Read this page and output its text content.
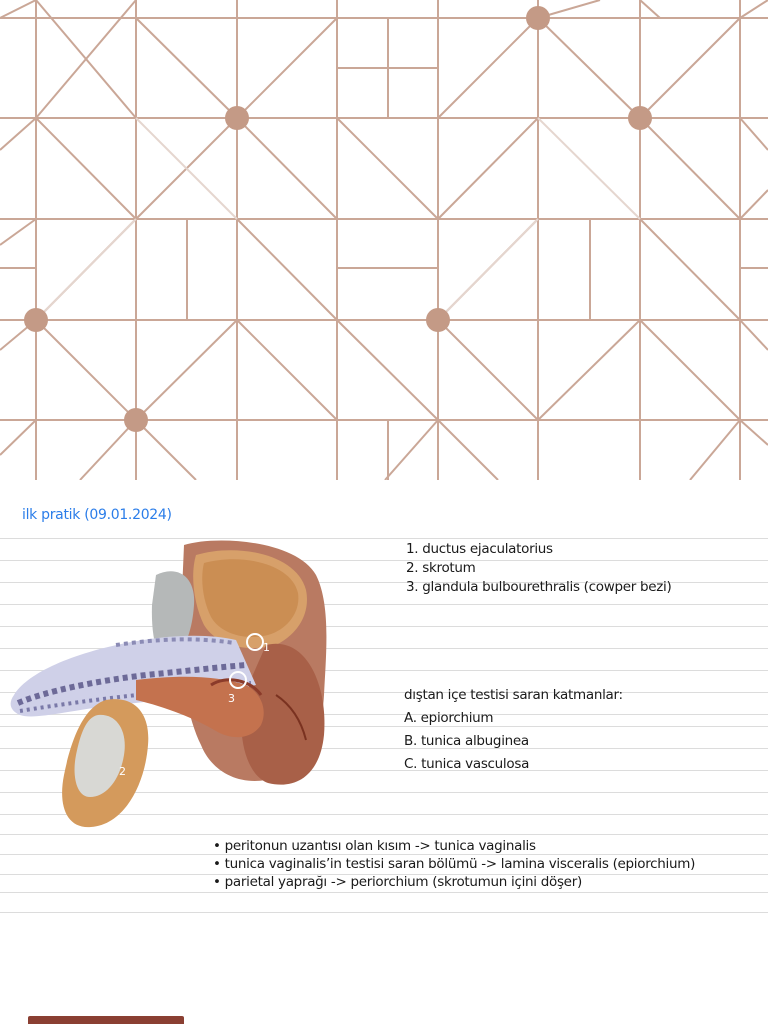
ilk pratik (09.01.2024)
1
2
3
1. ductus ejaculatorius
2. skrotum
3. glandula bulbourethralis (cowper bezi)
dıştan içe testisi saran katmanlar:
A. epiorchium
B. tunica albuginea
C. tunica vasculosa
• peritonun uzantısı olan kısım -> tunica vaginalis
• tunica vaginalis’in testisi saran bölümü -> lamina visceralis (epiorchium)
• parietal yaprağı -> periorchium (skrotumun içini döşer)
